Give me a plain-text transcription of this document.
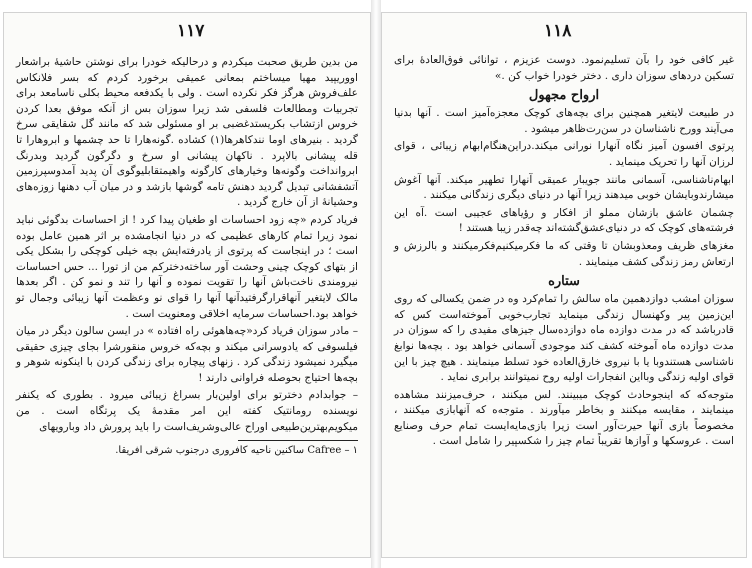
۱۱۷

من بدین طریق صحبت میکردم و درحالیکه خودرا برای نوشتن حاشیهٔ براشعار اووریپید مهیا میساختم بمعانی عمیقی برخورد کردم که بسر فلانکاس علف‌فروش هرگز فکر نکرده است . ولی با یکدفعه محیط بکلی ناسامعد برای تجربیات ومطالعات فلسفی شد زیرا سوزان بس از آنکه موفق بعدا کردن خروس ازتشاب بکریستدغضبی بر او مسئولی شد که مانند گل شقایقی سرخ گردید . بنیرهای اوما نندکاهرها(۱) کشاده .گونه‌هارا تا حد چشمها و ابروهارا تا قله پیشانی بالاپرد . ناکهان پیشانی او سرخ و دگرگون گردید وبدرنگ ابروانداخت وگونه‌ها وخیارهای کارگونه واهیمتقابلیوگوی آن پدید آمدوسپرزمین آتشفشانی تبدیل گردید دهنش تامه گوشها بازشد و در میان آب دهنها زوزه‌های وحشیانهٔ از آن خارج گردید .

فریاد کردم «چه زود احساسات او طغیان پیدا کرد ! از احساسات بدگوئی نباید نمود زیرا تمام کارهای عظیمی که در دنیا انجامشده بر اثر همین عامل بوده است ؛ در اینجاست که پرتوی از یادرفته‌ایش بچه خیلی کوچکی را بشکل یکی از بتهای کوچک چینی وحشت آور ساخته‌دخترکم من از تورا ... حس احساسات نیرومندی ناخت‌باش آنها را تقویت نموده و آنها را تند و نمو کن . اگر بعدها مالک لایتغیر آنهاقرارگرفتیدآنها آنها را قوای نو وعظمت آنها زیبائی وجمال تو خواهد بود.احساسات سرمایه اخلاقی ومعنویت است .

– مادر سوزان فریاد کرد«چه‌هاهوئی راه افتاده » در ایسن سالون دیگر در میان فیلسوفی که یادوسرانی میکند و بچه‌که خروس منقورشرا بجای چیزی حقیقی میگیرد نمیشود زندگی کرد . زنهای پیچاره برای زندگی کردن با اینکونه شوهر و بچه‌ها احتیاج بحوصله فراوانی دارند !

– جوابدادم دخترتو برای اولین‌بار بسراغ زیبائی میرود . بطوری که یکنفر نویسنده رومانتیک کفته این امر مقدمهٔ یک پرتگاه است . من میکویم‌بهترین‌طبیعی اوراح عالی‌وشریف‌است را باید پرورش ‌داد وبارویهای

۱ – Cafree ساکنین ناحیه کافروری درجنوب شرقی افریقا.

۱۱۸

غیر کافی خود را بآن تسلیم‌نمود. دوست عزیزم ، توانائی فوق‌العادهٔ برای تسکین دردهای سوزان داری . دختر خودرا خواب کن .»

ارواح مجهول

در طبیعت لایتغیر همچنین برای بچه‌های کوچک معجزه‌آمیز است . آنها بدنیا می‌آیند وورح ناشناسان در سن‌رت‌ظاهر میشود .

پرتوی افسون آمیز نگاه آنهارا نورانی میکند.دراین‌هنگام‌ابهام زیبائی ، قوای لرزان آنها را تحریک مینماید .

ابهام‌ناشناسی، آسمانی مانند جویبار عمیقی آنهارا تطهیر میکند. آنها آغوش میشارندوبایشان خوبی میدهند زیرا آنها در دنیای دیگری زندگانی میکنند .

چشمان عاشق بازشان مملو از افکار و رؤیاهای عجیبی است .آه این فرشته‌های کوچک که در دنیای‌عشق‌گشته‌اند چه‌قدر زیبا هستند !

مغزهای ظریف ومعذوبشان تا وقتی که ما فکرمیکنیم‌فکرمیکنند و بالرزش و ارتعاش رمز زندگی کشف مینمایند .

ستاره

سوزان امشب دوازدهمین ماه سالش را تمام‌کرد وه در ضمن یکسالی که روی این‌زمین پیر وکهنسال زندگی مینماید تجارب‌خوبی آموخته‌است کس که قادرباشد که در مدت دوازده ماه دوازده‌سال جیزهای مفیدی را که سوزان در مدت دوازده ماه آموخته کشف کند موجودی آسمانی خواهد بود . بچه‌ها نوابغ ناشناسی هستندوبا یا با نیروی خارق‌العاده خود تسلط مینمایند . هیچ چیز با این قوای اولیه زندگی وبااین انفجارات اولیه روح نمیتوانند برابری نماید .

متوجه‌که که اینجوحادث کوچک میبینند. لس میکنند ، حرف‌میزنند مشاهده مینمایند ، مقایسه میکنند و بخاطر میآورند . متوجه‌ه که آنهابازی میکنند ، مخصوصاً بازی آنها حیرت‌آور است زیرا بازی‌مایه‌ایست تمام حرف وصنایع است . عروسکها و آوازها تقریباً تمام چیز را شکسپیر را شامل است .
